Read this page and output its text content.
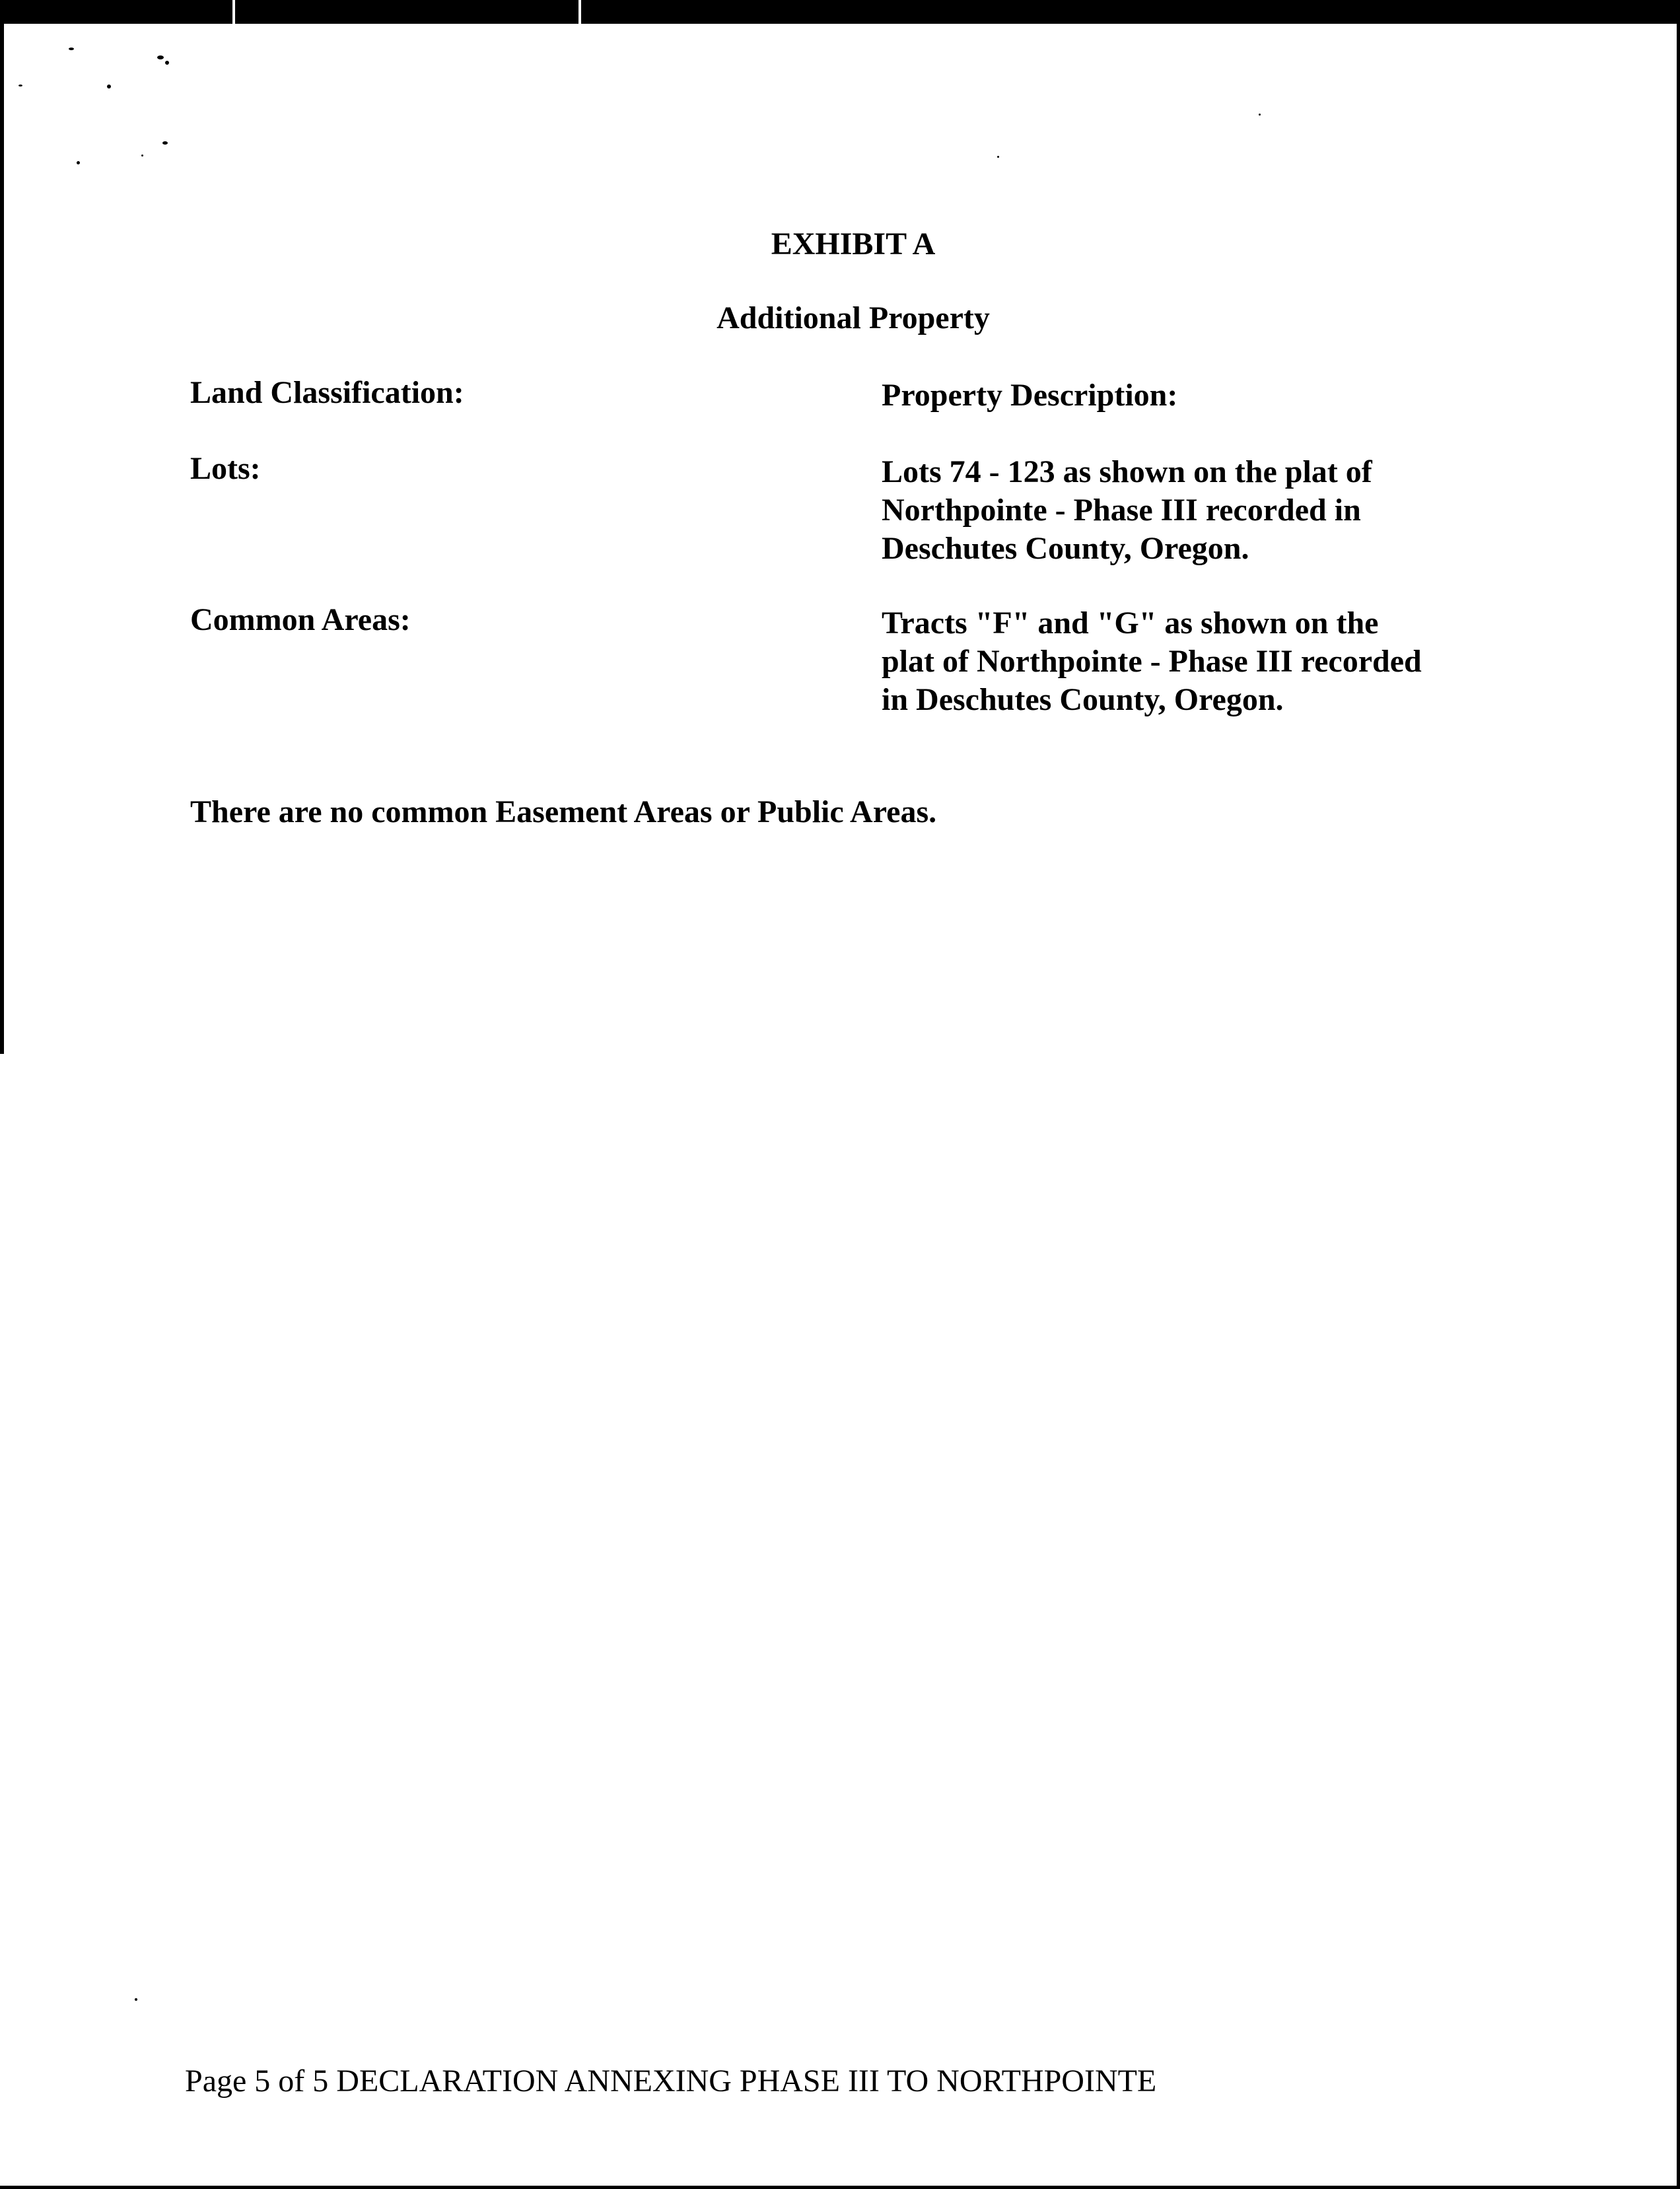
EXHIBIT A
Additional Property
Land Classification:	Property Description:
Lots:	Lots 74 - 123 as shown on the plat of
Northpointe - Phase III recorded in
Deschutes County, Oregon.
Common Areas:	Tracts "F" and "G" as shown on the
plat of Northpointe - Phase III recorded
in Deschutes County, Oregon.
There are no common Easement Areas or Public Areas.
Page 5 of 5 DECLARATION ANNEXING PHASE III TO NORTHPOINTE
